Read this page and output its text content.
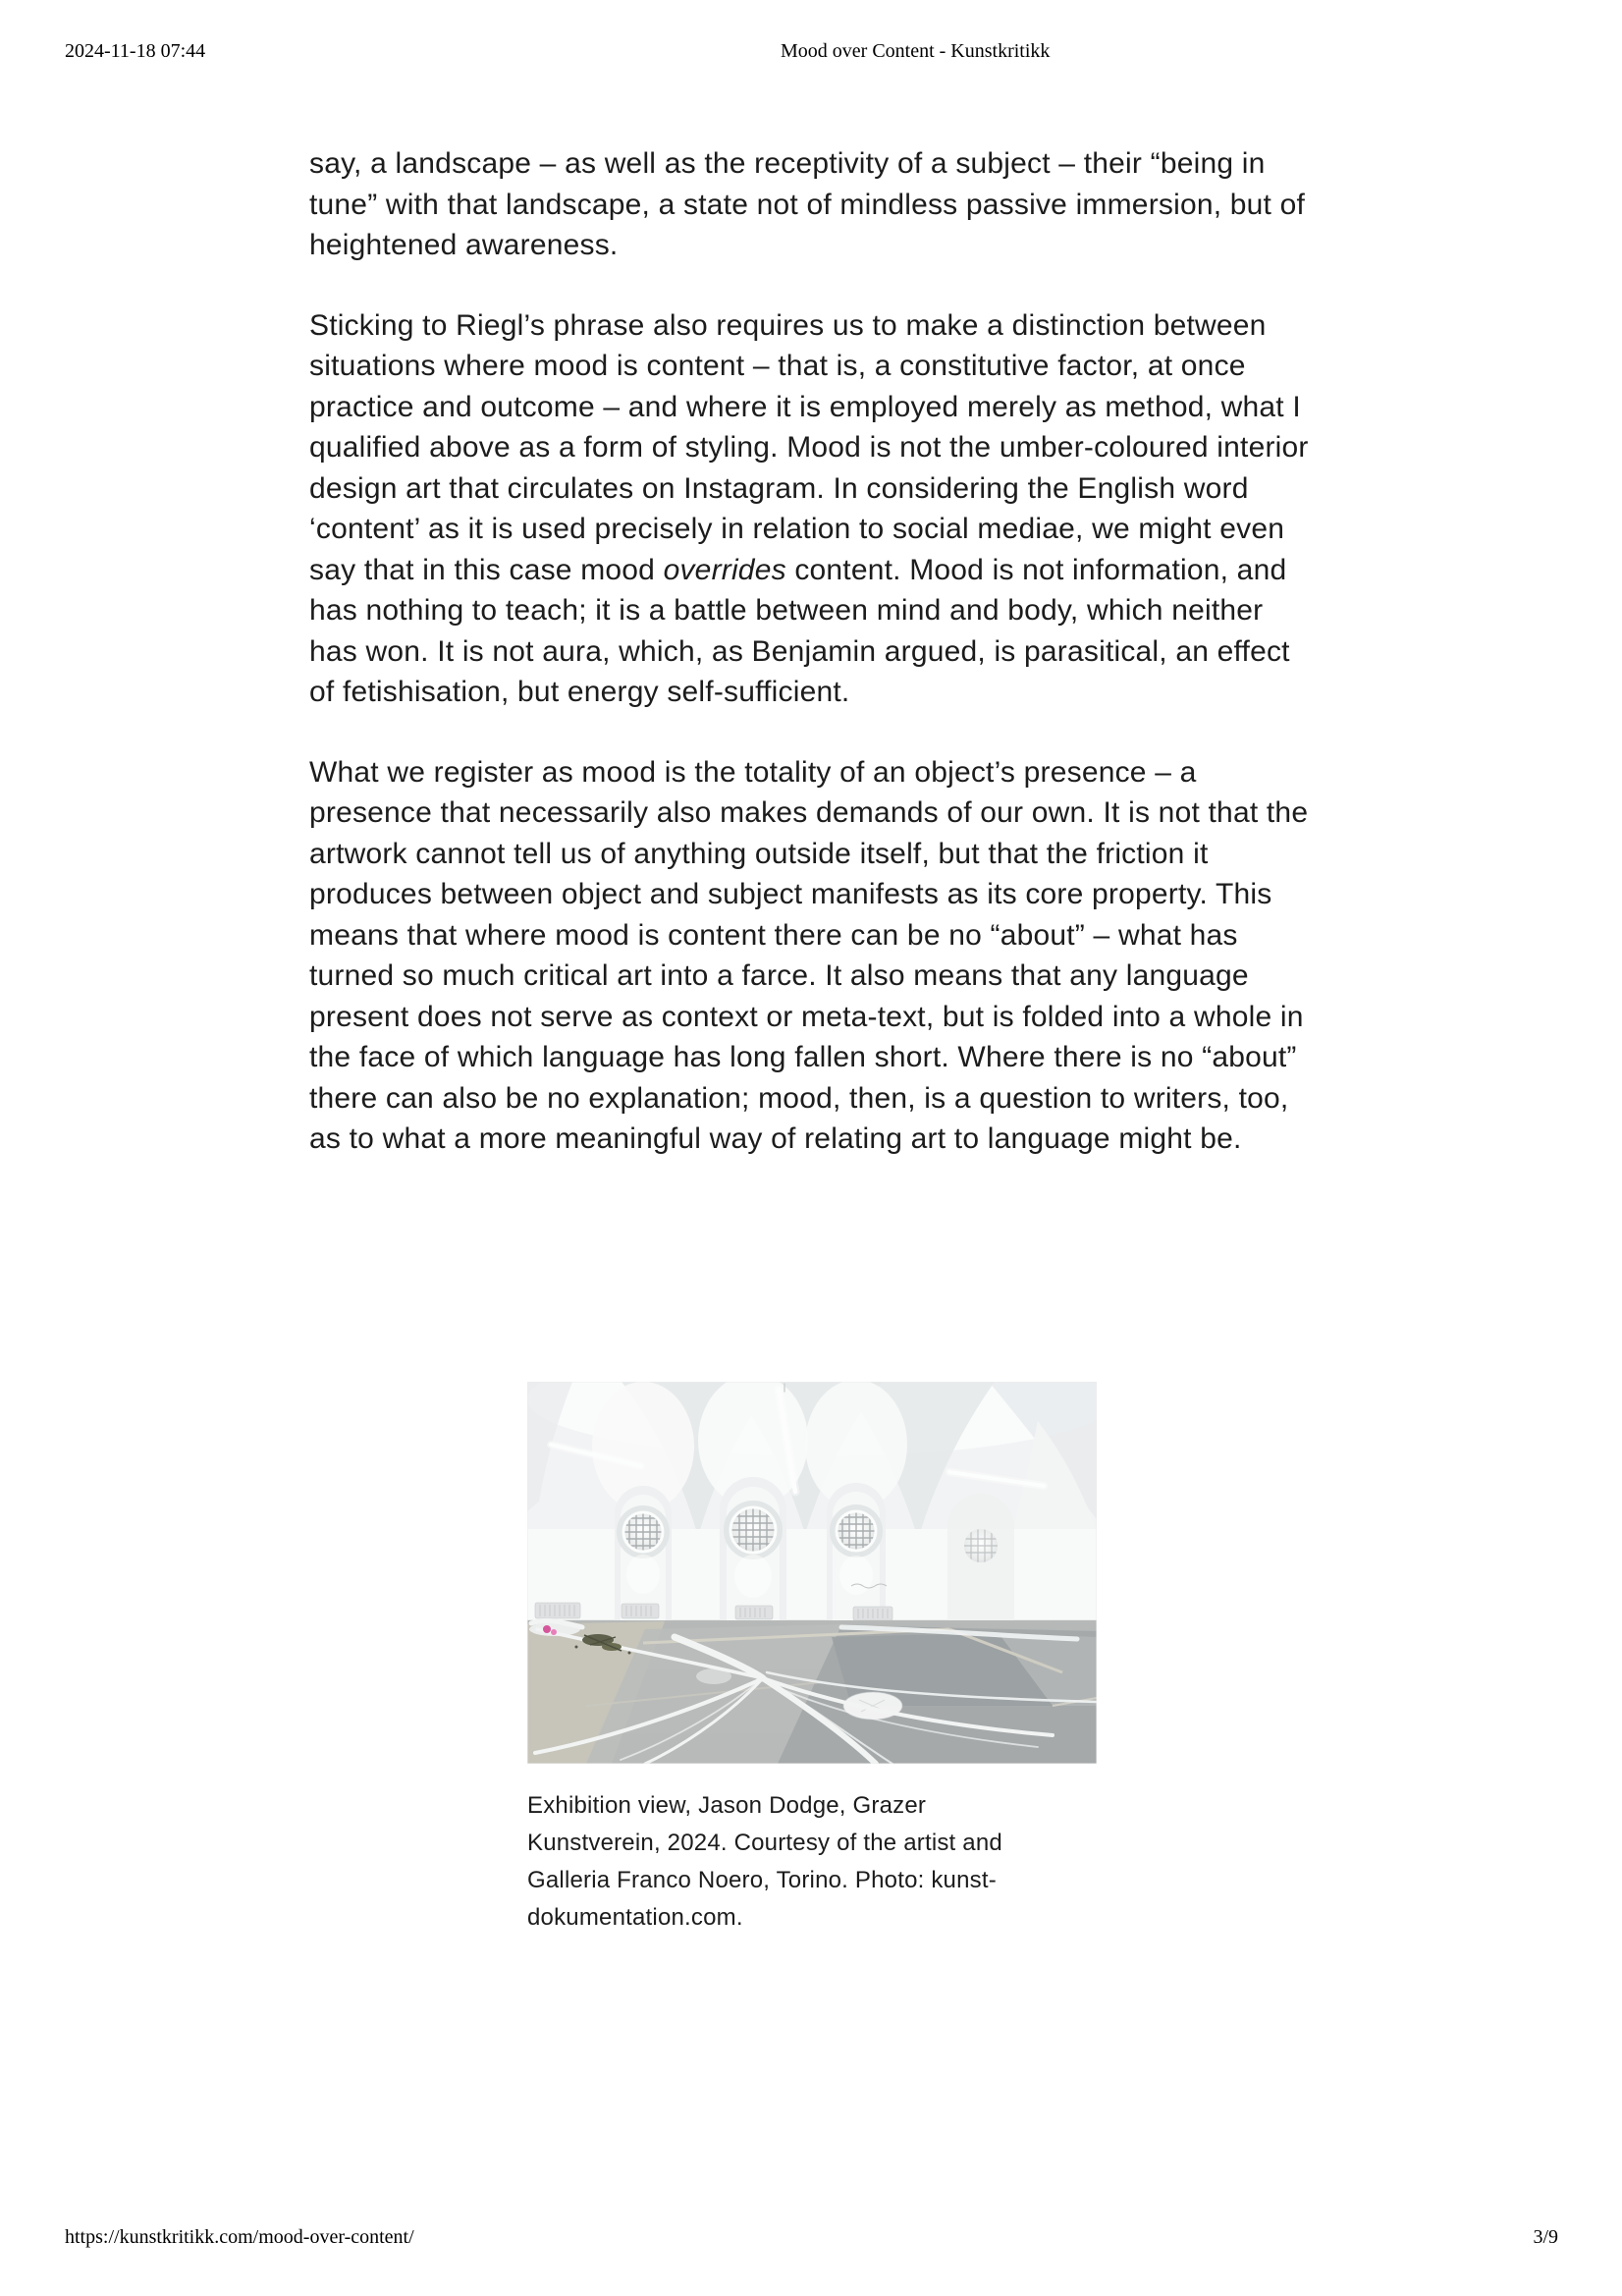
2024-11-18 07:44	Mood over Content - Kunstkritikk

say, a landscape – as well as the receptivity of a subject – their “being in tune” with that landscape, a state not of mindless passive immersion, but of heightened awareness.

Sticking to Riegl’s phrase also requires us to make a distinction between situations where mood is content – that is, a constitutive factor, at once practice and outcome – and where it is employed merely as method, what I qualified above as a form of styling. Mood is not the umber-coloured interior design art that circulates on Instagram. In considering the English word ‘content’ as it is used precisely in relation to social mediae, we might even say that in this case mood overrides content. Mood is not information, and has nothing to teach; it is a battle between mind and body, which neither has won. It is not aura, which, as Benjamin argued, is parasitical, an effect of fetishisation, but energy self-sufficient.

What we register as mood is the totality of an object’s presence – a presence that necessarily also makes demands of our own. It is not that the artwork cannot tell us of anything outside itself, but that the friction it produces between object and subject manifests as its core property. This means that where mood is content there can be no “about” – what has turned so much critical art into a farce. It also means that any language present does not serve as context or meta-text, but is folded into a whole in the face of which language has long fallen short. Where there is no “about” there can also be no explanation; mood, then, is a question to writers, too, as to what a more meaningful way of relating art to language might be.

Exhibition view, Jason Dodge, Grazer Kunstverein, 2024. Courtesy of the artist and Galleria Franco Noero, Torino. Photo: kunst-dokumentation.com.
https://kunstkritikk.com/mood-over-content/	3/9
